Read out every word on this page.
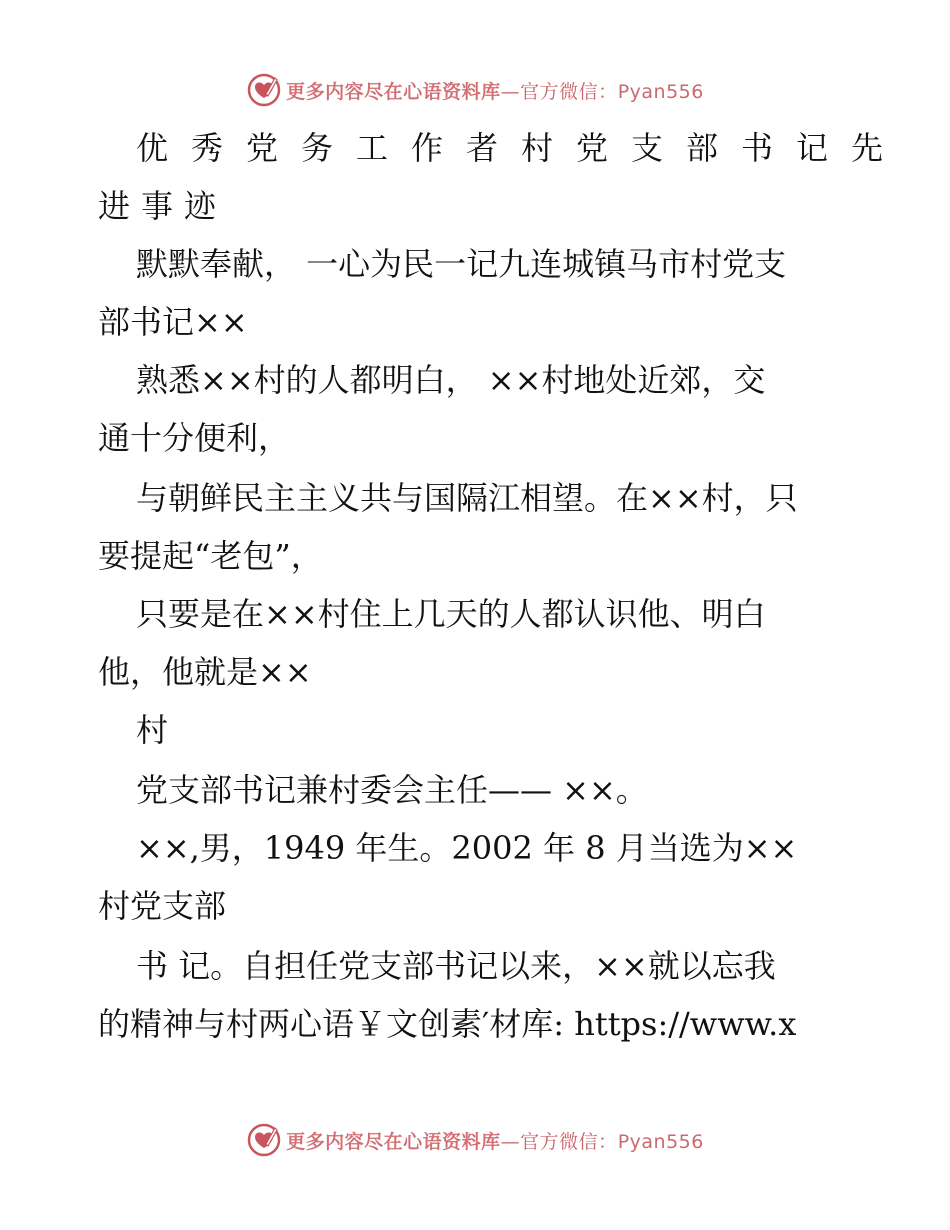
更多内容尽在心语资料库—官方微信：Pyan556
优秀党务工作者村党支部书记先
进事迹
默默奉献， 一心为民一记九连城镇马市村党支
部书记××
熟悉××村的人都明白， ××村地处近郊，交
通十分便利，
与朝鲜民主主义共与国隔江相望。在××村，只
要提起“老包”，
只要是在××村住上几天的人都认识他、明白
他，他就是××
村
党支部书记兼村委会主任—— ××。
××,男，1949 年生。2002 年 8 月当选为××
村党支部
书 记。自担任党支部书记以来，××就以忘我
的精神与村两心语￥文创素′材库: https://www.x
更多内容尽在心语资料库—官方微信：Pyan556
